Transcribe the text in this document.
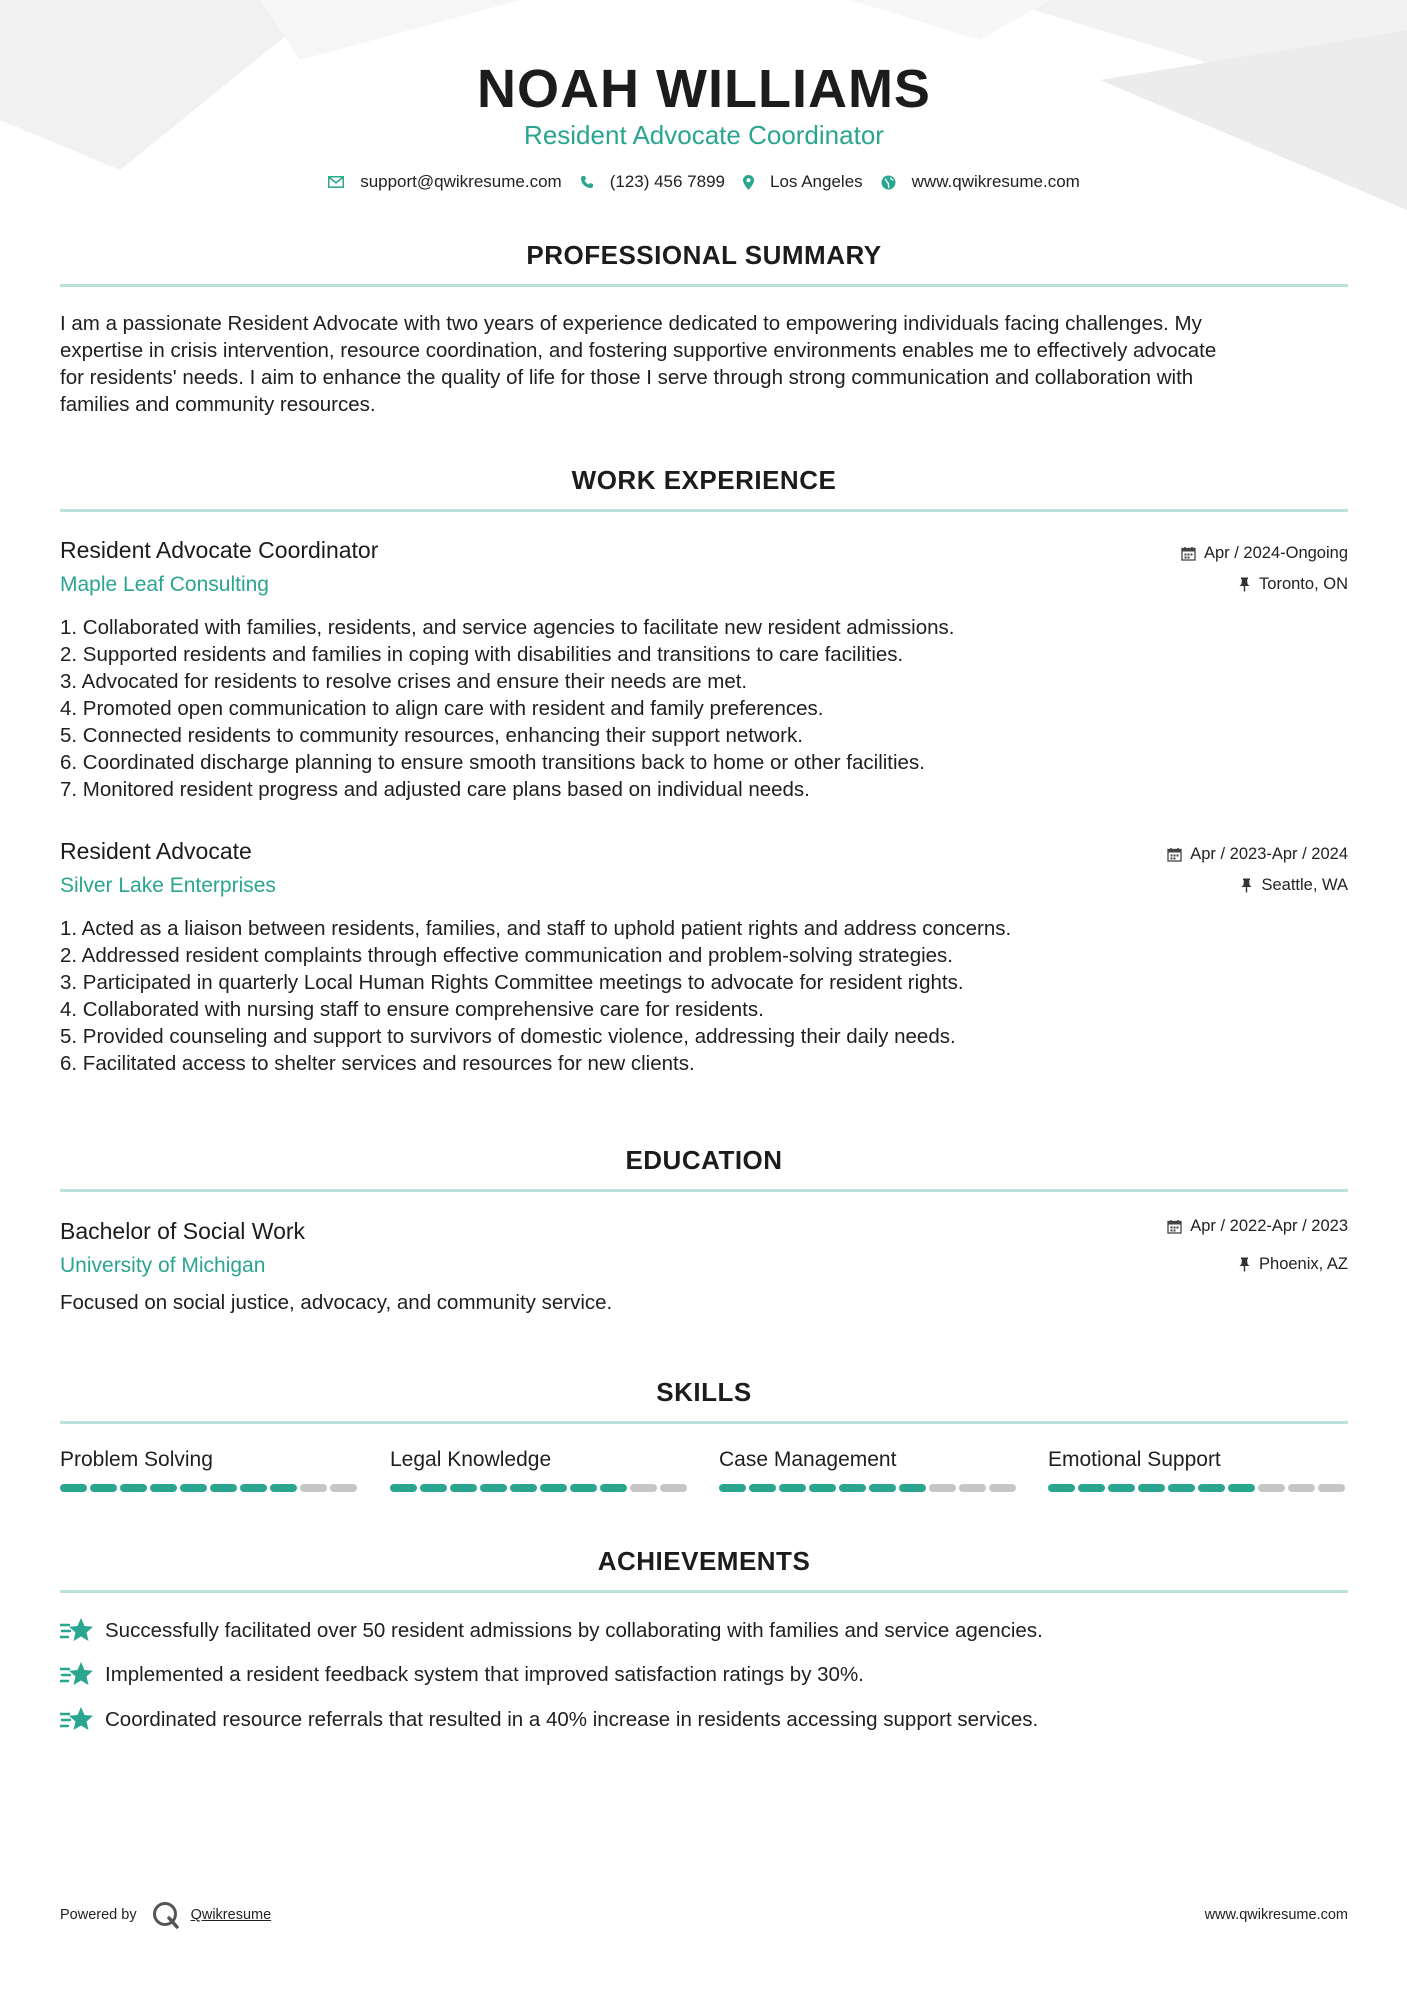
NOAH WILLIAMS
Resident Advocate Coordinator
support@qwikresume.com	(123) 456 7899	Los Angeles	www.qwikresume.com
PROFESSIONAL SUMMARY
I am a passionate Resident Advocate with two years of experience dedicated to empowering individuals facing challenges. My
expertise in crisis intervention, resource coordination, and fostering supportive environments enables me to effectively advocate
for residents' needs. I aim to enhance the quality of life for those I serve through strong communication and collaboration with
families and community resources.
WORK EXPERIENCE
Resident Advocate Coordinator
Maple Leaf Consulting
Apr / 2024-Ongoing
Toronto, ON
1. Collaborated with families, residents, and service agencies to facilitate new resident admissions.
2. Supported residents and families in coping with disabilities and transitions to care facilities.
3. Advocated for residents to resolve crises and ensure their needs are met.
4. Promoted open communication to align care with resident and family preferences.
5. Connected residents to community resources, enhancing their support network.
6. Coordinated discharge planning to ensure smooth transitions back to home or other facilities.
7. Monitored resident progress and adjusted care plans based on individual needs.
Resident Advocate
Silver Lake Enterprises
Apr / 2023-Apr / 2024
Seattle, WA
1. Acted as a liaison between residents, families, and staff to uphold patient rights and address concerns.
2. Addressed resident complaints through effective communication and problem-solving strategies.
3. Participated in quarterly Local Human Rights Committee meetings to advocate for resident rights.
4. Collaborated with nursing staff to ensure comprehensive care for residents.
5. Provided counseling and support to survivors of domestic violence, addressing their daily needs.
6. Facilitated access to shelter services and resources for new clients.
EDUCATION
Bachelor of Social Work
University of Michigan
Apr / 2022-Apr / 2023
Phoenix, AZ
Focused on social justice, advocacy, and community service.
SKILLS
Problem Solving	Legal Knowledge	Case Management	Emotional Support
ACHIEVEMENTS
Successfully facilitated over 50 resident admissions by collaborating with families and service agencies.
Implemented a resident feedback system that improved satisfaction ratings by 30%.
Coordinated resource referrals that resulted in a 40% increase in residents accessing support services.
Powered by	Qwikresume	www.qwikresume.com
